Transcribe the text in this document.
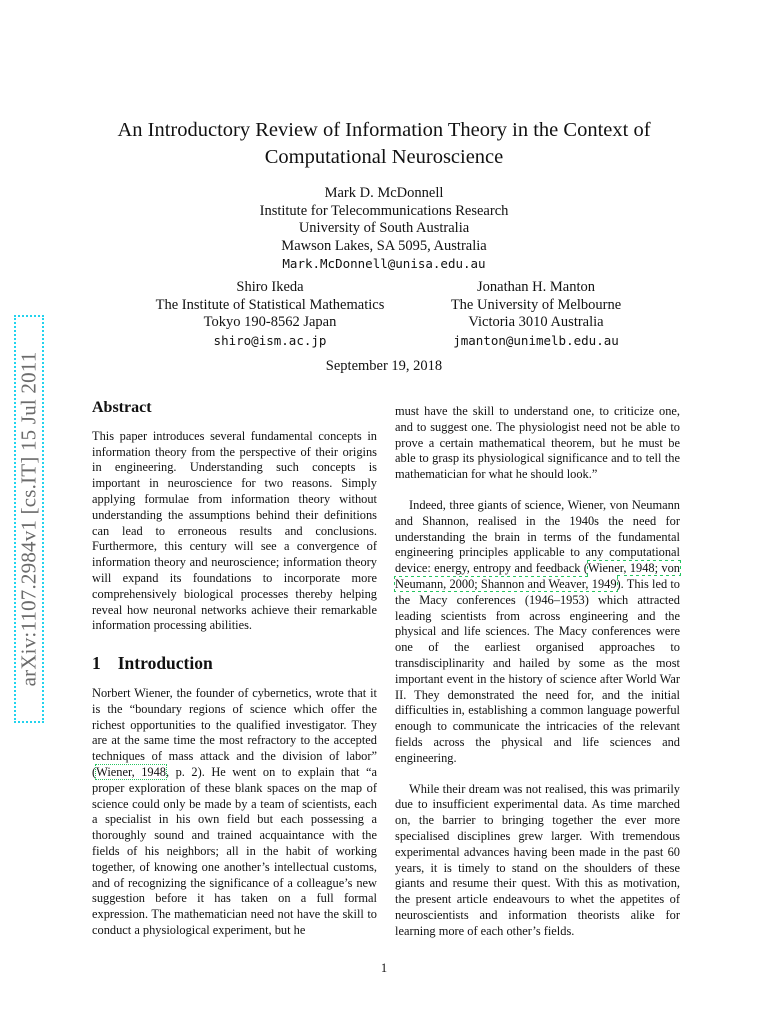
arXiv:1107.2984v1 [cs.IT] 15 Jul 2011
An Introductory Review of Information Theory in the Context of
Computational Neuroscience
Mark D. McDonnell
Institute for Telecommunications Research
University of South Australia
Mawson Lakes, SA 5095, Australia
Mark.McDonnell@unisa.edu.au
Shiro Ikeda
The Institute of Statistical Mathematics
Tokyo 190-8562 Japan
shiro@ism.ac.jp
Jonathan H. Manton
The University of Melbourne
Victoria 3010 Australia
jmanton@unimelb.edu.au
September 19, 2018
Abstract

This paper introduces several fundamental concepts in information theory from the perspective of their origins in engineering. Understanding such concepts is important in neuroscience for two reasons. Simply applying formulae from information theory without understanding the assumptions behind their definitions can lead to erroneous results and conclusions. Furthermore, this century will see a convergence of information theory and neuroscience; information theory will expand its foundations to incorporate more comprehensively biological processes thereby helping reveal how neuronal networks achieve their remarkable information processing abilities.

1 Introduction

Norbert Wiener, the founder of cybernetics, wrote that it is the “boundary regions of science which offer the richest opportunities to the qualified investigator. They are at the same time the most refractory to the accepted techniques of mass attack and the division of labor” (Wiener, 1948, p. 2). He went on to explain that “a proper exploration of these blank spaces on the map of science could only be made by a team of scientists, each a specialist in his own field but each possessing a thoroughly sound and trained acquaintance with the fields of his neighbors; all in the habit of working together, of knowing one another’s intellectual customs, and of recognizing the significance of a colleague’s new suggestion before it has taken on a full formal expression. The mathematician need not have the skill to conduct a physiological experiment, but he

must have the skill to understand one, to criticize one, and to suggest one. The physiologist need not be able to prove a certain mathematical theorem, but he must be able to grasp its physiological significance and to tell the mathematician for what he should look.”

Indeed, three giants of science, Wiener, von Neumann and Shannon, realised in the 1940s the need for understanding the brain in terms of the fundamental engineering principles applicable to any computational device: energy, entropy and feedback (Wiener, 1948; von Neumann, 2000; Shannon and Weaver, 1949). This led to the Macy conferences (1946–1953) which attracted leading scientists from across engineering and the physical and life sciences. The Macy conferences were one of the earliest organised approaches to transdisciplinarity and hailed by some as the most important event in the history of science after World War II. They demonstrated the need for, and the initial difficulties in, establishing a common language powerful enough to communicate the intricacies of the relevant fields across the physical and life sciences and engineering.

While their dream was not realised, this was primarily due to insufficient experimental data. As time marched on, the barrier to bringing together the ever more specialised disciplines grew larger. With tremendous experimental advances having been made in the past 60 years, it is timely to stand on the shoulders of these giants and resume their quest. With this as motivation, the present article endeavours to whet the appetites of neuroscientists and information theorists alike for learning more of each other’s fields.

1
